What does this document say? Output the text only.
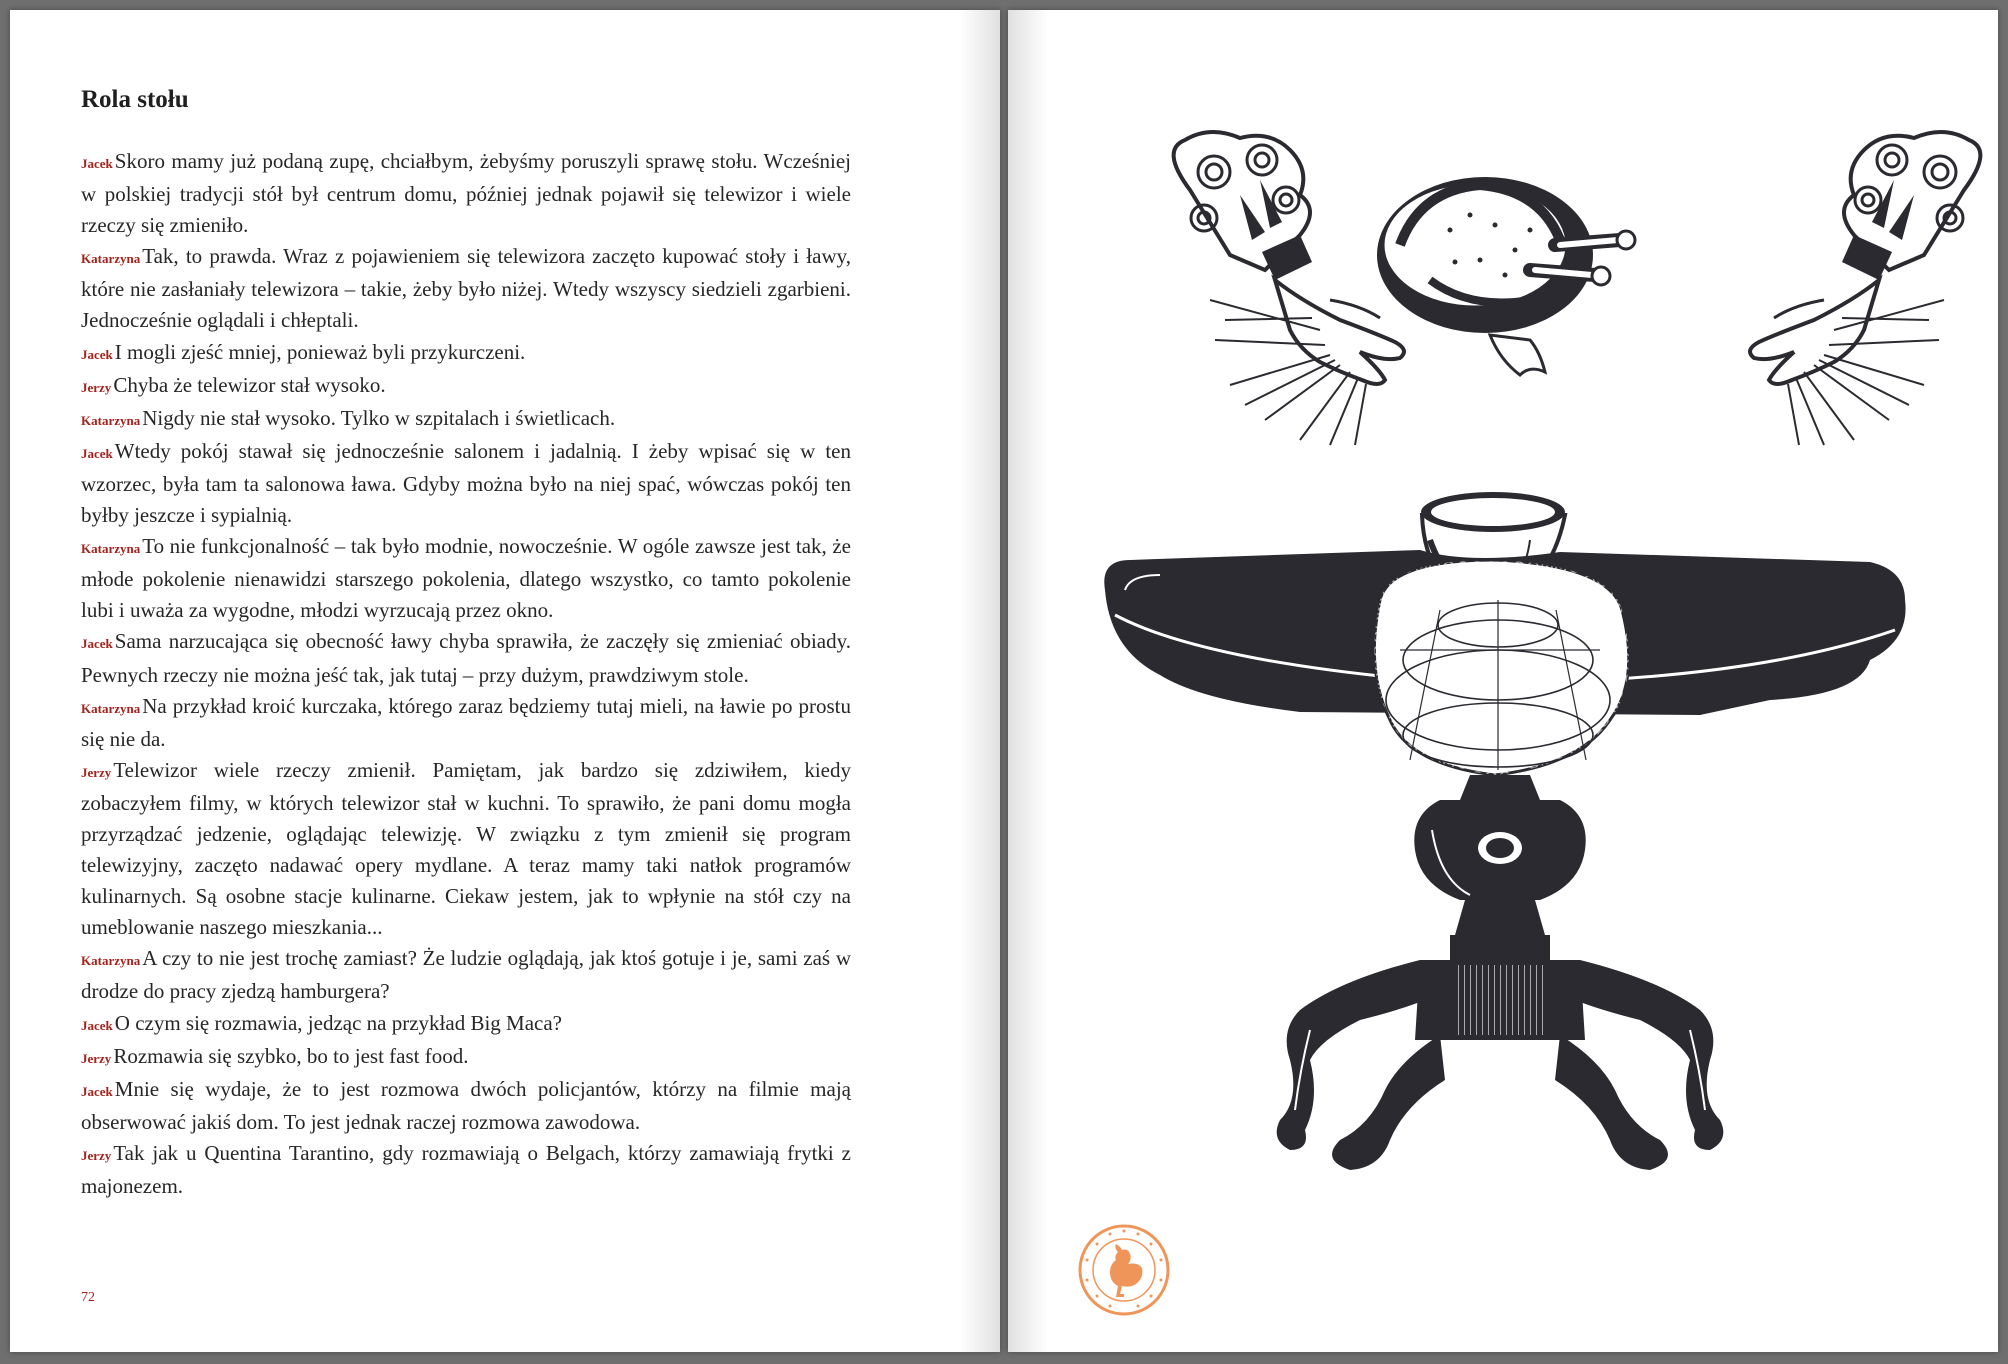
Rola stołu

JacekSkoro mamy już podaną zupę, chciałbym, żebyśmy poruszyli sprawę stołu. Wcześniej w polskiej tradycji stół był centrum domu, później jednak pojawił się telewizor i wiele rzeczy się zmieniło.

KatarzynaTak, to prawda. Wraz z pojawieniem się telewizora zaczęto kupować stoły i ławy, które nie zasłaniały telewizora – takie, żeby było niżej. Wtedy wszyscy siedzieli zgarbieni. Jednocześnie oglądali i chłeptali.

JacekI mogli zjeść mniej, ponieważ byli przykurczeni.

JerzyChyba że telewizor stał wysoko.

KatarzynaNigdy nie stał wysoko. Tylko w szpitalach i świetlicach.

JacekWtedy pokój stawał się jednocześnie salonem i jadalnią. I żeby wpisać się w ten wzorzec, była tam ta salonowa ława. Gdyby można było na niej spać, wówczas pokój ten byłby jeszcze i sypialnią.

KatarzynaTo nie funkcjonalność – tak było modnie, nowocześnie. W ogóle zawsze jest tak, że młode pokolenie nienawidzi starszego pokolenia, dlatego wszystko, co tamto pokolenie lubi i uważa za wygodne, młodzi wyrzucają przez okno.

JacekSama narzucająca się obecność ławy chyba sprawiła, że zaczęły się zmieniać obiady. Pewnych rzeczy nie można jeść tak, jak tutaj – przy dużym, prawdziwym stole.

KatarzynaNa przykład kroić kurczaka, którego zaraz będziemy tutaj mieli, na ławie po prostu się nie da.

JerzyTelewizor wiele rzeczy zmienił. Pamiętam, jak bardzo się zdziwiłem, kiedy zobaczyłem filmy, w których telewizor stał w kuchni. To sprawiło, że pani domu mogła przyrządzać jedzenie, oglądając telewizję. W związku z tym zmienił się program telewizyjny, zaczęto nadawać opery mydlane. A teraz mamy taki natłok programów kulinarnych. Są osobne stacje kulinarne. Ciekaw jestem, jak to wpłynie na stół czy na umeblowanie naszego mieszkania...

KatarzynaA czy to nie jest trochę zamiast? Że ludzie oglądają, jak ktoś gotuje i je, sami zaś w drodze do pracy zjedzą hamburgera?

JacekO czym się rozmawia, jedząc na przykład Big Maca?

JerzyRozmawia się szybko, bo to jest fast food.

JacekMnie się wydaje, że to jest rozmowa dwóch policjantów, którzy na filmie mają obserwować jakiś dom. To jest jednak raczej rozmowa zawodowa.

JerzyTak jak u Quentina Tarantino, gdy rozmawiają o Belgach, którzy zamawiają frytki z majonezem.

72
